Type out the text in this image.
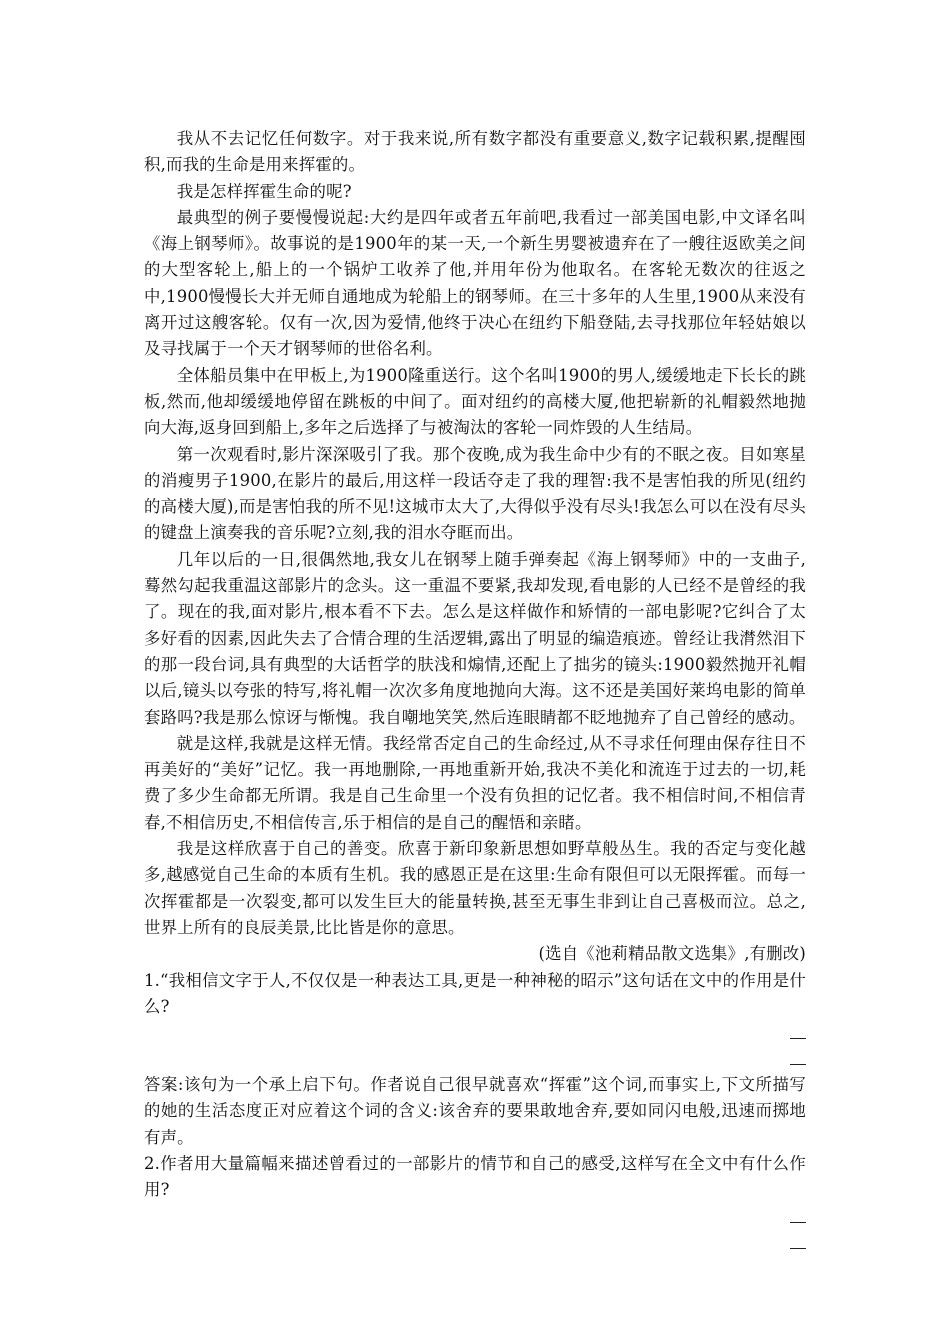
我从不去记忆任何数字。对于我来说,所有数字都没有重要意义,数字记载积累,提醒囤积,而我的生命是用来挥霍的。

我是怎样挥霍生命的呢?

最典型的例子要慢慢说起:大约是四年或者五年前吧,我看过一部美国电影,中文译名叫《海上钢琴师》。故事说的是1900年的某一天,一个新生男婴被遗弃在了一艘往返欧美之间的大型客轮上,船上的一个锅炉工收养了他,并用年份为他取名。在客轮无数次的往返之中,1900慢慢长大并无师自通地成为轮船上的钢琴师。在三十多年的人生里,1900从来没有离开过这艘客轮。仅有一次,因为爱情,他终于决心在纽约下船登陆,去寻找那位年轻姑娘以及寻找属于一个天才钢琴师的世俗名利。

全体船员集中在甲板上,为1900隆重送行。这个名叫1900的男人,缓缓地走下长长的跳板,然而,他却缓缓地停留在跳板的中间了。面对纽约的高楼大厦,他把崭新的礼帽毅然地抛向大海,返身回到船上,多年之后选择了与被淘汰的客轮一同炸毁的人生结局。

第一次观看时,影片深深吸引了我。那个夜晚,成为我生命中少有的不眠之夜。目如寒星的消瘦男子1900,在影片的最后,用这样一段话夺走了我的理智:我不是害怕我的所见(纽约的高楼大厦),而是害怕我的所不见!这城市太大了,大得似乎没有尽头!我怎么可以在没有尽头的键盘上演奏我的音乐呢?立刻,我的泪水夺眶而出。

几年以后的一日,很偶然地,我女儿在钢琴上随手弹奏起《海上钢琴师》中的一支曲子,蓦然勾起我重温这部影片的念头。这一重温不要紧,我却发现,看电影的人已经不是曾经的我了。现在的我,面对影片,根本看不下去。怎么是这样做作和矫情的一部电影呢?它纠合了太多好看的因素,因此失去了合情合理的生活逻辑,露出了明显的编造痕迹。曾经让我潸然泪下的那一段台词,具有典型的大话哲学的肤浅和煽情,还配上了拙劣的镜头:1900毅然抛开礼帽以后,镜头以夸张的特写,将礼帽一次次多角度地抛向大海。这不还是美国好莱坞电影的简单套路吗?我是那么惊讶与惭愧。我自嘲地笑笑,然后连眼睛都不眨地抛弃了自己曾经的感动。

就是这样,我就是这样无情。我经常否定自己的生命经过,从不寻求任何理由保存往日不再美好的“美好”记忆。我一再地删除,一再地重新开始,我决不美化和流连于过去的一切,耗费了多少生命都无所谓。我是自己生命里一个没有负担的记忆者。我不相信时间,不相信青春,不相信历史,不相信传言,乐于相信的是自己的醒悟和亲睹。

我是这样欣喜于自己的善变。欣喜于新印象新思想如野草般丛生。我的否定与变化越多,越感觉自己生命的本质有生机。我的感恩正是在这里:生命有限但可以无限挥霍。而每一次挥霍都是一次裂变,都可以发生巨大的能量转换,甚至无事生非到让自己喜极而泣。总之,世界上所有的良辰美景,比比皆是你的意思。

(选自《池莉精品散文选集》,有删改)

1.“我相信文字于人,不仅仅是一种表达工具,更是一种神秘的昭示”这句话在文中的作用是什么?

答案:该句为一个承上启下句。作者说自己很早就喜欢“挥霍”这个词,而事实上,下文所描写的她的生活态度正对应着这个词的含义:该舍弃的要果敢地舍弃,要如同闪电般,迅速而掷地有声。

2.作者用大量篇幅来描述曾看过的一部影片的情节和自己的感受,这样写在全文中有什么作用?
